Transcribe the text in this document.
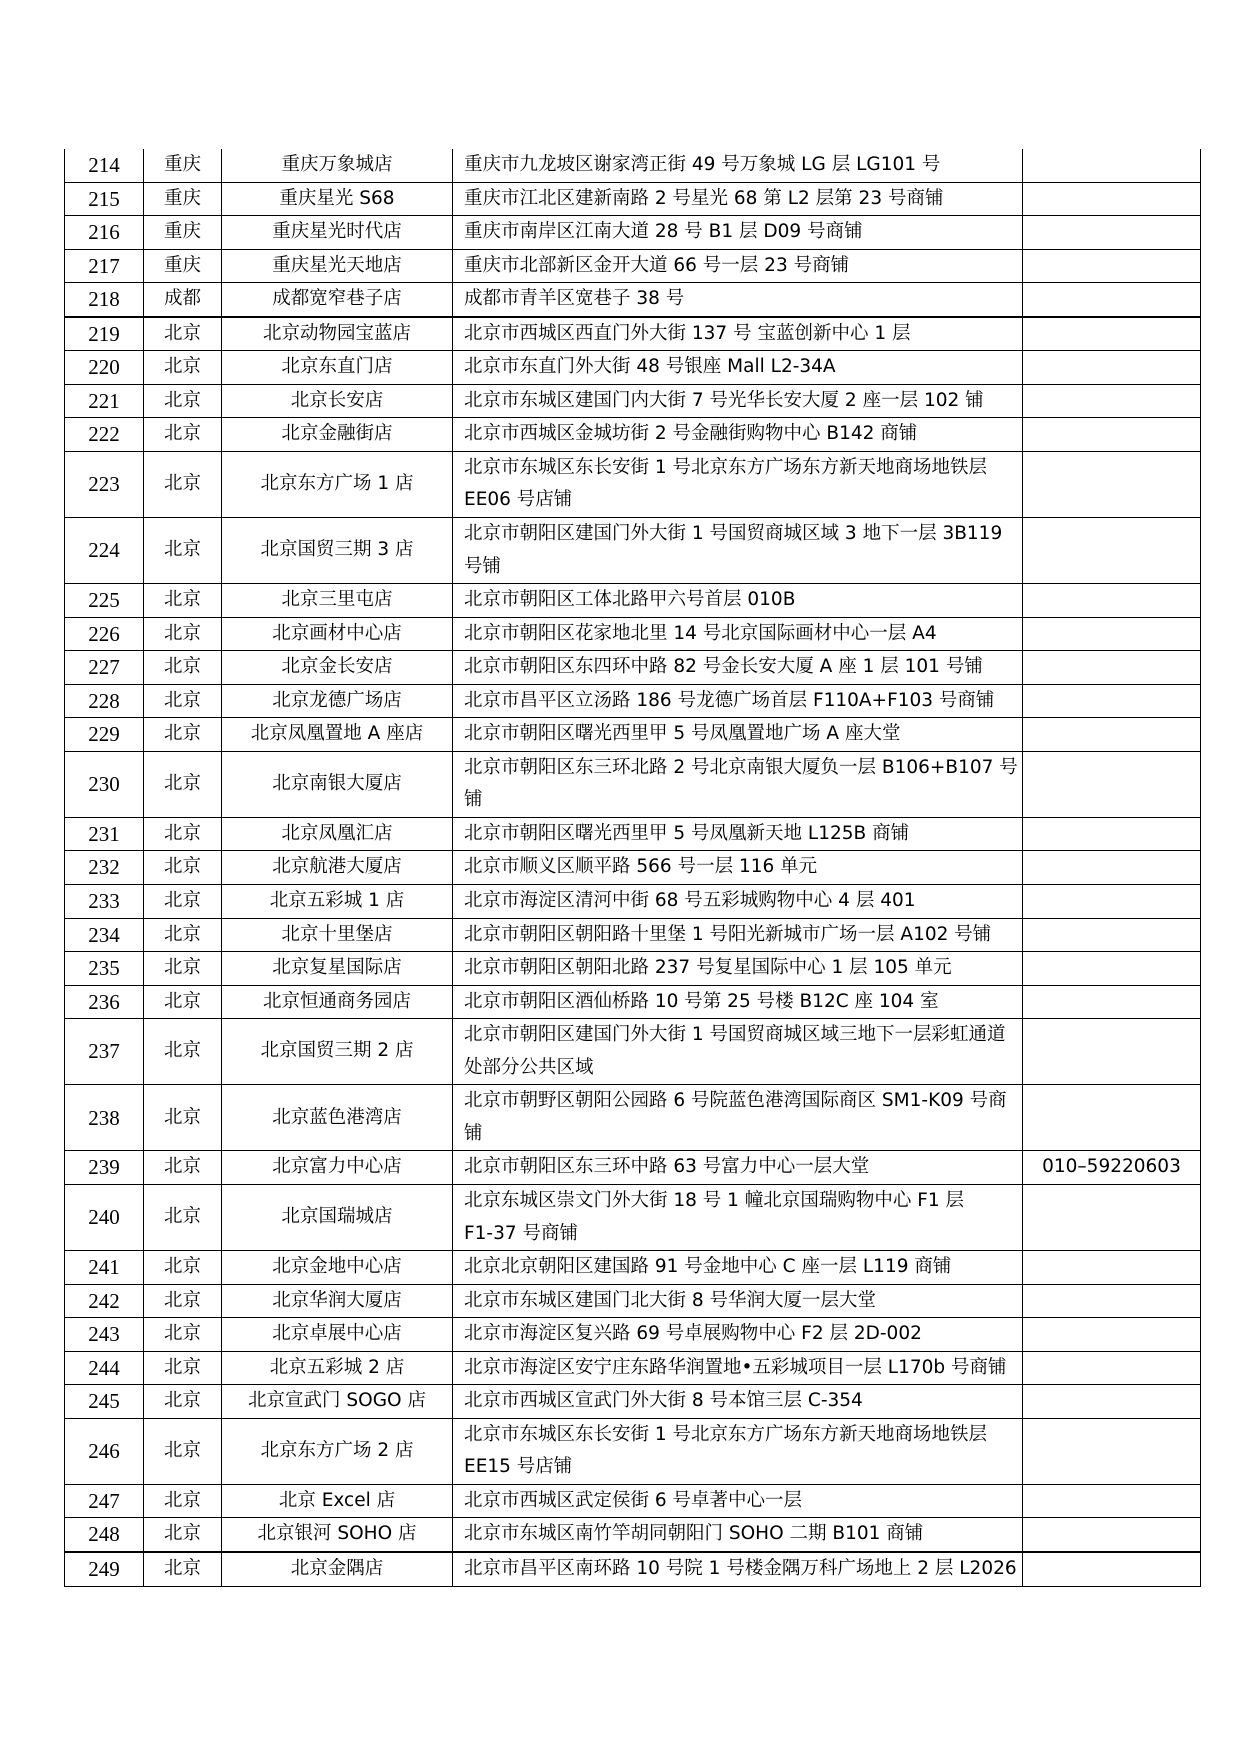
214	重庆	重庆万象城店	重庆市九龙坡区谢家湾正街 49 号万象城 LG 层 LG101 号	

215	重庆	重庆星光 S68	重庆市江北区建新南路 2 号星光 68 第 L2 层第 23 号商铺	

216	重庆	重庆星光时代店	重庆市南岸区江南大道 28 号 B1 层 D09 号商铺	

217	重庆	重庆星光天地店	重庆市北部新区金开大道 66 号一层 23 号商铺	

218	成都	成都宽窄巷子店	成都市青羊区宽巷子 38 号	

219	北京	北京动物园宝蓝店	北京市西城区西直门外大街 137 号 宝蓝创新中心 1 层	

220	北京	北京东直门店	北京市东直门外大街 48 号银座 Mall L2-34A	

221	北京	北京长安店	北京市东城区建国门内大街 7 号光华长安大厦 2 座一层 102 铺	

222	北京	北京金融街店	北京市西城区金城坊街 2 号金融街购物中心 B142 商铺	

223	北京	北京东方广场 1 店	北京市东城区东长安街 1 号北京东方广场东方新天地商场地铁层
EE06 号店铺	

224	北京	北京国贸三期 3 店	北京市朝阳区建国门外大街 1 号国贸商城区域 3 地下一层 3B119
号铺	

225	北京	北京三里屯店	北京市朝阳区工体北路甲六号首层 010B	

226	北京	北京画材中心店	北京市朝阳区花家地北里 14 号北京国际画材中心一层 A4	

227	北京	北京金长安店	北京市朝阳区东四环中路 82 号金长安大厦 A 座 1 层 101 号铺	

228	北京	北京龙德广场店	北京市昌平区立汤路 186 号龙德广场首层 F110A+F103 号商铺	

229	北京	北京凤凰置地 A 座店	北京市朝阳区曙光西里甲 5 号凤凰置地广场 A 座大堂	

230	北京	北京南银大厦店	北京市朝阳区东三环北路 2 号北京南银大厦负一层 B106+B107 号
铺	

231	北京	北京凤凰汇店	北京市朝阳区曙光西里甲 5 号凤凰新天地 L125B 商铺	

232	北京	北京航港大厦店	北京市顺义区顺平路 566 号一层 116 单元	

233	北京	北京五彩城 1 店	北京市海淀区清河中街 68 号五彩城购物中心 4 层 401	

234	北京	北京十里堡店	北京市朝阳区朝阳路十里堡 1 号阳光新城市广场一层 A102 号铺	

235	北京	北京复星国际店	北京市朝阳区朝阳北路 237 号复星国际中心 1 层 105 单元	

236	北京	北京恒通商务园店	北京市朝阳区酒仙桥路 10 号第 25 号楼 B12C 座 104 室	

237	北京	北京国贸三期 2 店	北京市朝阳区建国门外大街 1 号国贸商城区域三地下一层彩虹通道
处部分公共区域	

238	北京	北京蓝色港湾店	北京市朝野区朝阳公园路 6 号院蓝色港湾国际商区 SM1-K09 号商
铺	

239	北京	北京富力中心店	北京市朝阳区东三环中路 63 号富力中心一层大堂	010–59220603
240	北京	北京国瑞城店	北京东城区崇文门外大街 18 号 1 幢北京国瑞购物中心 F1 层
F1-37 号商铺	

241	北京	北京金地中心店	北京北京朝阳区建国路 91 号金地中心 C 座一层 L119 商铺	

242	北京	北京华润大厦店	北京市东城区建国门北大街 8 号华润大厦一层大堂	

243	北京	北京卓展中心店	北京市海淀区复兴路 69 号卓展购物中心 F2 层 2D-002	

244	北京	北京五彩城 2 店	北京市海淀区安宁庄东路华润置地•五彩城项目一层 L170b 号商铺	

245	北京	北京宣武门 SOGO 店	北京市西城区宣武门外大街 8 号本馆三层 C-354	

246	北京	北京东方广场 2 店	北京市东城区东长安街 1 号北京东方广场东方新天地商场地铁层
EE15 号店铺	

247	北京	北京 Excel 店	北京市西城区武定侯街 6 号卓著中心一层	

248	北京	北京银河 SOHO 店	北京市东城区南竹竿胡同朝阳门 SOHO 二期 B101 商铺	

249	北京	北京金隅店	北京市昌平区南环路 10 号院 1 号楼金隅万科广场地上 2 层 L2026	
